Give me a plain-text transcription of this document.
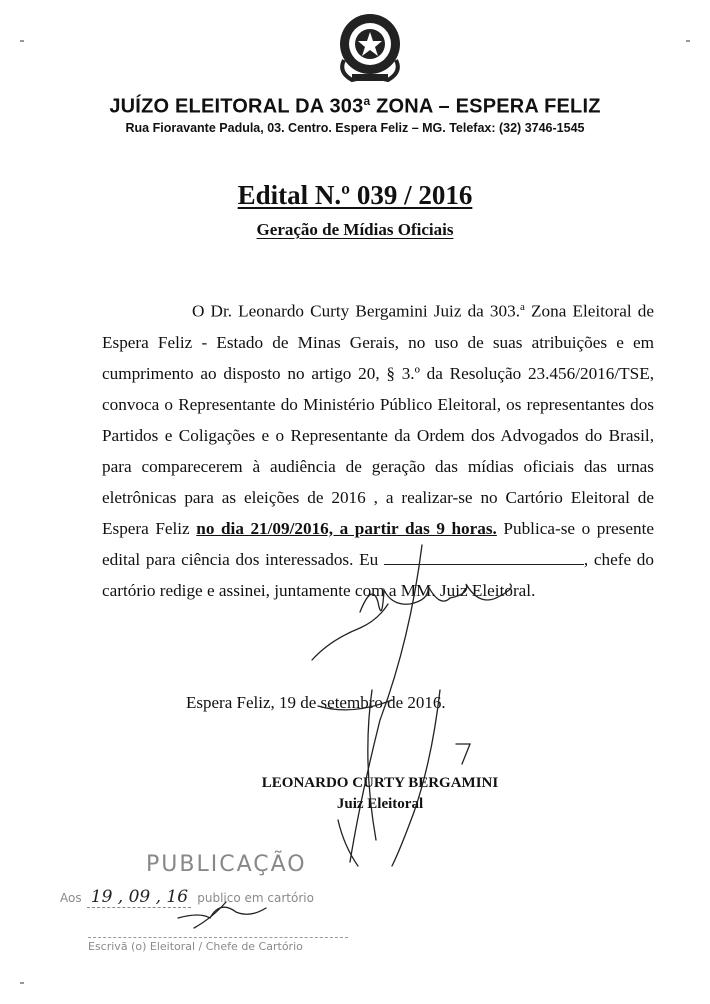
JUÍZO ELEITORAL DA 303$^a$ ZONA – ESPERA FELIZ
Rua Fioravante Padula, 03. Centro. Espera Feliz – MG. Telefax: (32) 3746-1545
Edital N.º 039 / 2016
Geração de Mídias Oficiais
O Dr. Leonardo Curty Bergamini Juiz da 303.$^a$ Zona Eleitoral de Espera Feliz - Estado de Minas Gerais, no uso de suas atribuições e em cumprimento ao disposto no artigo 20, § 3.º da Resolução 23.456/2016/TSE, convoca o Representante do Ministério Público Eleitoral, os representantes dos Partidos e Coligações e o Representante da Ordem dos Advogados do Brasil, para comparecerem à audiência de geração das mídias oficiais das urnas eletrônicas para as eleições de 2016 , a realizar-se no Cartório Eleitoral de Espera Feliz no dia 21/09/2016, a partir das 9 horas. Publica-se o presente edital para ciência dos interessados. Eu	, chefe do cartório redige e assinei, juntamente com a MM. Juiz Eleitoral.
Espera Feliz, 19 de setembro de 2016.
LEONARDO CURTY BERGAMINI
Juiz Eleitoral
PUBLICAÇÃO
Aos 19 , 09 , 16 publico em cartório
Escrivã (o) Eleitoral / Chefe de Cartório
